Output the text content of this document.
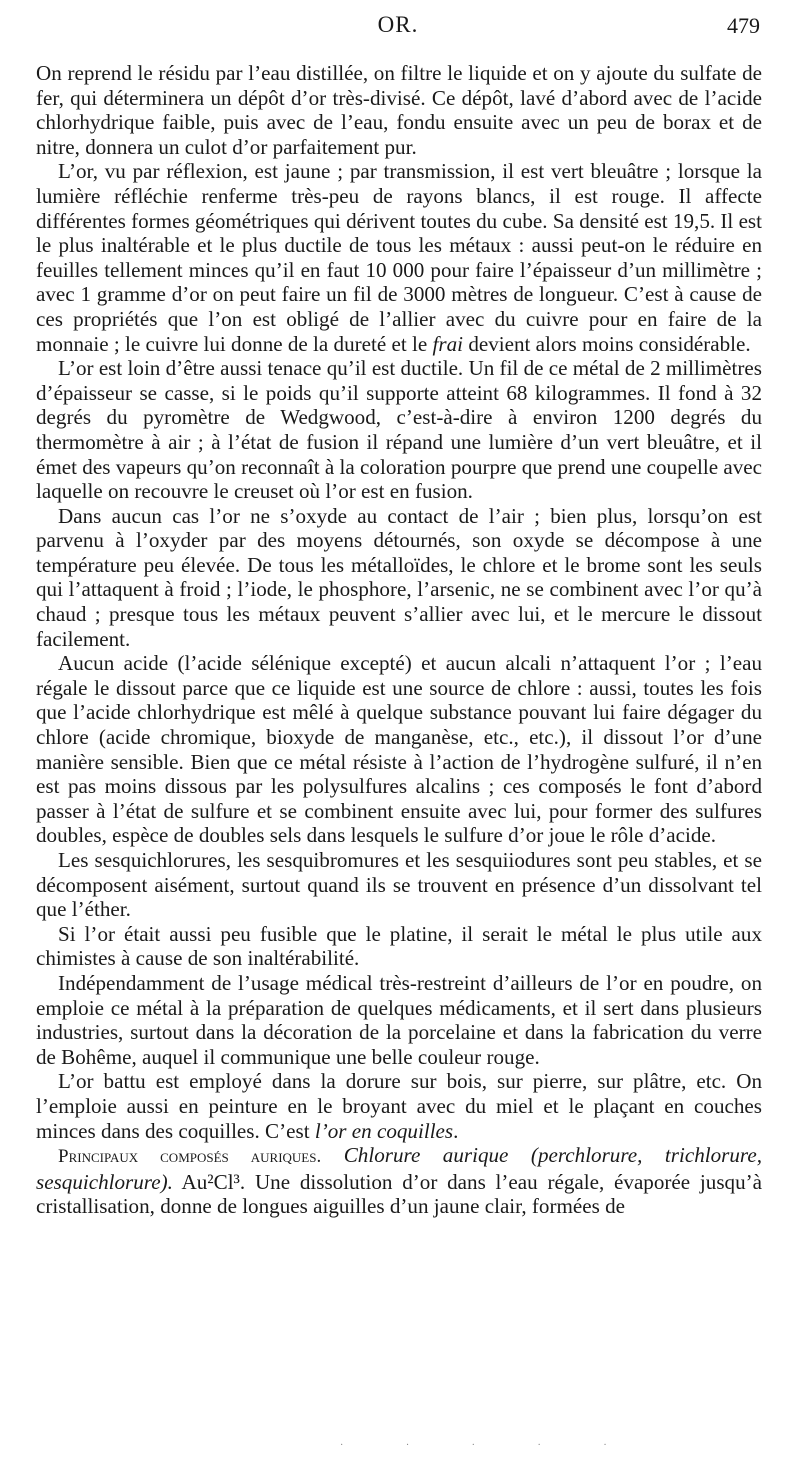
OR.	479

On reprend le résidu par l’eau distillée, on filtre le liquide et on y ajoute du sulfate de fer, qui déterminera un dépôt d’or très-divisé. Ce dépôt, lavé d’abord avec de l’acide chlorhydrique faible, puis avec de l’eau, fondu ensuite avec un peu de borax et de nitre, donnera un culot d’or parfaitement pur.

L’or, vu par réflexion, est jaune ; par transmission, il est vert bleuâtre ; lorsque la lumière réfléchie renferme très-peu de rayons blancs, il est rouge. Il affecte différentes formes géométriques qui dérivent toutes du cube. Sa densité est 19,5. Il est le plus inaltérable et le plus ductile de tous les métaux : aussi peut-on le réduire en feuilles tellement minces qu’il en faut 10 000 pour faire l’épaisseur d’un millimètre ; avec 1 gramme d’or on peut faire un fil de 3000 mètres de longueur. C’est à cause de ces propriétés que l’on est obligé de l’allier avec du cuivre pour en faire de la monnaie ; le cuivre lui donne de la dureté et le frai devient alors moins considérable.

L’or est loin d’être aussi tenace qu’il est ductile. Un fil de ce métal de 2 millimètres d’épaisseur se casse, si le poids qu’il supporte atteint 68 kilogrammes. Il fond à 32 degrés du pyromètre de Wedgwood, c’est-à-dire à environ 1200 degrés du thermomètre à air ; à l’état de fusion il répand une lumière d’un vert bleuâtre, et il émet des vapeurs qu’on reconnaît à la coloration pourpre que prend une coupelle avec laquelle on recouvre le creuset où l’or est en fusion.

Dans aucun cas l’or ne s’oxyde au contact de l’air ; bien plus, lorsqu’on est parvenu à l’oxyder par des moyens détournés, son oxyde se décompose à une température peu élevée. De tous les métalloïdes, le chlore et le brome sont les seuls qui l’attaquent à froid ; l’iode, le phosphore, l’arsenic, ne se combinent avec l’or qu’à chaud ; presque tous les métaux peuvent s’allier avec lui, et le mercure le dissout facilement.

Aucun acide (l’acide sélénique excepté) et aucun alcali n’attaquent l’or ; l’eau régale le dissout parce que ce liquide est une source de chlore : aussi, toutes les fois que l’acide chlorhydrique est mêlé à quelque substance pouvant lui faire dégager du chlore (acide chromique, bioxyde de manganèse, etc., etc.), il dissout l’or d’une manière sensible. Bien que ce métal résiste à l’action de l’hydrogène sulfuré, il n’en est pas moins dissous par les polysulfures alcalins ; ces composés le font d’abord passer à l’état de sulfure et se combinent ensuite avec lui, pour former des sulfures doubles, espèce de doubles sels dans lesquels le sulfure d’or joue le rôle d’acide.

Les sesquichlorures, les sesquibromures et les sesquiiodures sont peu stables, et se décomposent aisément, surtout quand ils se trouvent en présence d’un dissolvant tel que l’éther.

Si l’or était aussi peu fusible que le platine, il serait le métal le plus utile aux chimistes à cause de son inaltérabilité.

Indépendamment de l’usage médical très-restreint d’ailleurs de l’or en poudre, on emploie ce métal à la préparation de quelques médicaments, et il sert dans plusieurs industries, surtout dans la décoration de la porcelaine et dans la fabrication du verre de Bohême, auquel il communique une belle couleur rouge.

L’or battu est employé dans la dorure sur bois, sur pierre, sur plâtre, etc. On l’emploie aussi en peinture en le broyant avec du miel et le plaçant en couches minces dans des coquilles. C’est l’or en coquilles.

Principaux composés auriques. Chlorure aurique (perchlorure, trichlorure, sesquichlorure). Au²Cl³. Une dissolution d’or dans l’eau régale, évaporée jusqu’à cristallisation, donne de longues aiguilles d’un jaune clair, formées de

· · · · ·
